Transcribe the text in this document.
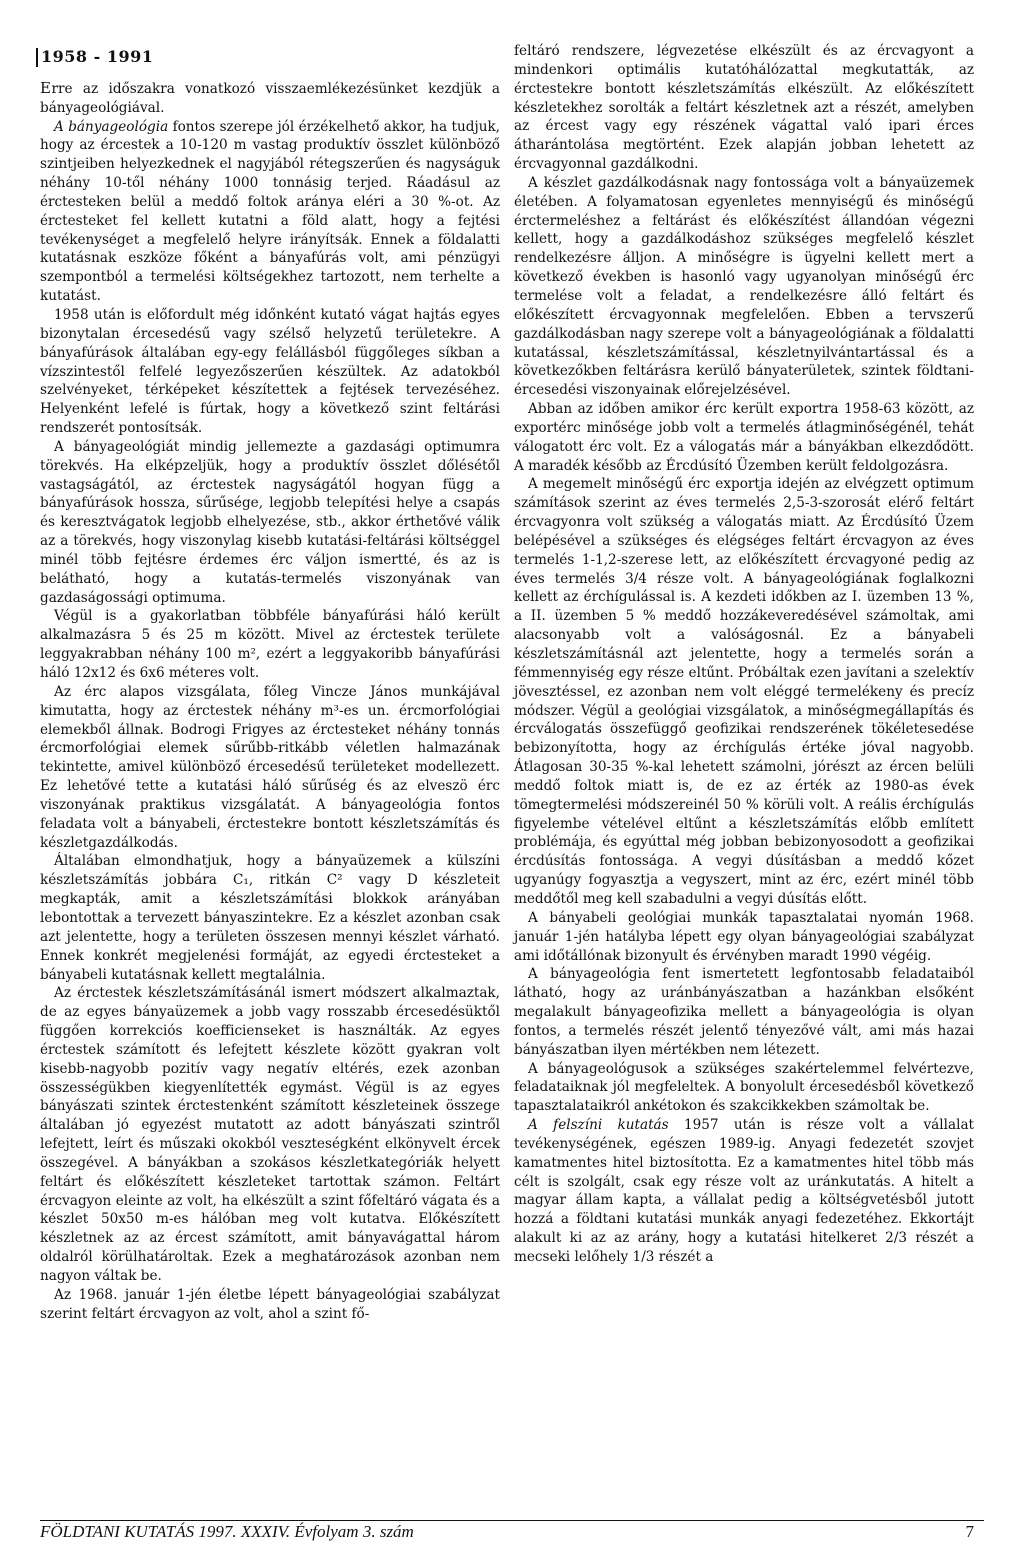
1958 - 1991

Erre az időszakra vonatkozó visszaemlékezésünket kezdjük a bányageológiával.

A bányageológia fontos szerepe jól érzékelhető akkor, ha tudjuk, hogy az ércestek a 10-120 m vastag produktív összlet különböző szintjeiben helyezkednek el nagyjából rétegszerűen és nagyságuk néhány 10-től néhány 1000 tonnásig terjed. Ráadásul az érctesteken belül a meddő foltok aránya eléri a 30 %-ot. Az érctesteket fel kellett kutatni a föld alatt, hogy a fejtési tevékenységet a megfelelő helyre irányítsák. Ennek a földalatti kutatásnak eszköze főként a bányafúrás volt, ami pénzügyi szempontból a termelési költségekhez tartozott, nem terhelte a kutatást.

1958 után is előfordult még időnként kutató vágat hajtás egyes bizonytalan ércesedésű vagy szélső helyzetű területekre. A bányafúrások általában egy-egy felállásból függőleges síkban a vízszintestől felfelé legyezőszerűen készültek. Az adatokból szelvényeket, térképeket készítettek a fejtések tervezéséhez. Helyenként lefelé is fúrtak, hogy a következő szint feltárási rendszerét pontosítsák.

A bányageológiát mindig jellemezte a gazdasági optimumra törekvés. Ha elképzeljük, hogy a produktív összlet dőlésétől vastagságától, az érctestek nagyságától hogyan függ a bányafúrások hossza, sűrűsége, legjobb telepítési helye a csapás és keresztvágatok legjobb elhelyezése, stb., akkor érthetővé válik az a törekvés, hogy viszonylag kisebb kutatási-feltárási költséggel minél több fejtésre érdemes érc váljon ismertté, és az is belátható, hogy a kutatás-termelés viszonyának van gazdaságossági optimuma.

Végül is a gyakorlatban többféle bányafúrási háló került alkalmazásra 5 és 25 m között. Mivel az érctestek területe leggyakrabban néhány 100 m², ezért a leggyakoribb bányafúrási háló 12x12 és 6x6 méteres volt.

Az érc alapos vizsgálata, főleg Vincze János munkájával kimutatta, hogy az érctestek néhány m³-es un. ércmorfológiai elemekből állnak. Bodrogi Frigyes az érctesteket néhány tonnás ércmorfológiai elemek sűrűbb-ritkább véletlen halmazának tekintette, amivel különböző ércesedésű területeket modellezett. Ez lehetővé tette a kutatási háló sűrűség és az elveszö érc viszonyának praktikus vizsgálatát. A bányageológia fontos feladata volt a bányabeli, érctestekre bontott készletszámítás és készletgazdálkodás.

Általában elmondhatjuk, hogy a bányaüzemek a külszíni készletszámítás jobbára C₁, ritkán C² vagy D készleteit megkapták, amit a készletszámítási blokkok arányában lebontottak a tervezett bányaszintekre. Ez a készlet azonban csak azt jelentette, hogy a területen összesen mennyi készlet várható. Ennek konkrét megjelenési formáját, az egyedi érctesteket a bányabeli kutatásnak kellett megtalálnia.

Az érctestek készletszámításánál ismert módszert alkalmaztak, de az egyes bányaüzemek a jobb vagy rosszabb ércesedésüktől függően korrekciós koefficienseket is használták. Az egyes érctestek számított és lefejtett készlete között gyakran volt kisebb-nagyobb pozitív vagy negatív eltérés, ezek azonban összességükben kiegyenlítették egymást. Végül is az egyes bányászati szintek érctestenként számított készleteinek összege általában jó egyezést mutatott az adott bányászati szintről lefejtett, leírt és műszaki okokból veszteségként elkönyvelt ércek összegével. A bányákban a szokásos készletkategóriák helyett feltárt és előkészített készleteket tartottak számon. Feltárt ércvagyon eleinte az volt, ha elkészült a szint főfeltáró vágata és a készlet 50x50 m-es hálóban meg volt kutatva. Előkészített készletnek az az ércest számított, amit bányavágattal három oldalról körülhatároltak. Ezek a meghatározások azonban nem nagyon váltak be.

Az 1968. január 1-jén életbe lépett bányageológiai szabályzat szerint feltárt ércvagyon az volt, ahol a szint fő-

feltáró rendszere, légvezetése elkészült és az ércvagyont a mindenkori optimális kutatóhálózattal megkutatták, az érctestekre bontott készletszámítás elkészült. Az előkészített készletekhez sorolták a feltárt készletnek azt a részét, amelyben az ércest vagy egy részének vágattal való ipari érces átharántolása megtörtént. Ezek alapján jobban lehetett az ércvagyonnal gazdálkodni.

A készlet gazdálkodásnak nagy fontossága volt a bányaüzemek életében. A folyamatosan egyenletes mennyiségű és minőségű érctermeléshez a feltárást és előkészítést állandóan végezni kellett, hogy a gazdálkodáshoz szükséges megfelelő készlet rendelkezésre álljon. A minőségre is ügyelni kellett mert a következő években is hasonló vagy ugyanolyan minőségű érc termelése volt a feladat, a rendelkezésre álló feltárt és előkészített ércvagyonnak megfelelően. Ebben a tervszerű gazdálkodásban nagy szerepe volt a bányageológiának a földalatti kutatással, készletszámítással, készletnyilvántartással és a következőkben feltárásra kerülő bányaterületek, szintek földtani-ércesedési viszonyainak előrejelzésével.

Abban az időben amikor érc került exportra 1958-63 között, az exportérc minősége jobb volt a termelés átlagminőségénél, tehát válogatott érc volt. Ez a válogatás már a bányákban elkezdődött. A maradék később az Ércdúsító Üzemben került feldolgozásra.

A megemelt minőségű érc exportja idején az elvégzett optimum számítások szerint az éves termelés 2,5-3-szorosát elérő feltárt ércvagyonra volt szükség a válogatás miatt. Az Ércdúsító Üzem belépésével a szükséges és elégséges feltárt ércvagyon az éves termelés 1-1,2-szerese lett, az előkészített ércvagyoné pedig az éves termelés 3/4 része volt. A bányageológiának foglalkozni kellett az érchígulással is. A kezdeti időkben az I. üzemben 13 %, a II. üzemben 5 % meddő hozzákeveredésével számoltak, ami alacsonyabb volt a valóságosnál. Ez a bányabeli készletszámításnál azt jelentette, hogy a termelés során a fémmennyiség egy része eltűnt. Próbáltak ezen javítani a szelektív jövesztéssel, ez azonban nem volt eléggé termelékeny és precíz módszer. Végül a geológiai vizsgálatok, a minőségmegállapítás és ércválogatás összefüggő geofizikai rendszerének tökéletesedése bebizonyította, hogy az érchígulás értéke jóval nagyobb. Átlagosan 30-35 %-kal lehetett számolni, jórészt az ércen belüli meddő foltok miatt is, de ez az érték az 1980-as évek tömegtermelési módszereinél 50 % körüli volt. A reális érchígulás figyelembe vételével eltűnt a készletszámítás előbb említett problémája, és egyúttal még jobban bebizonyosodott a geofizikai ércdúsítás fontossága. A vegyi dúsításban a meddő kőzet ugyanúgy fogyasztja a vegyszert, mint az érc, ezért minél több meddőtől meg kell szabadulni a vegyi dúsítás előtt.

A bányabeli geológiai munkák tapasztalatai nyomán 1968. január 1-jén hatályba lépett egy olyan bányageológiai szabályzat ami időtállónak bizonyult és érvényben maradt 1990 végéig.

A bányageológia fent ismertetett legfontosabb feladataiból látható, hogy az uránbányászatban a hazánkban elsőként megalakult bányageofizika mellett a bányageológia is olyan fontos, a termelés részét jelentő tényezővé vált, ami más hazai bányászatban ilyen mértékben nem létezett.

A bányageológusok a szükséges szakértelemmel felvértezve, feladataiknak jól megfeleltek. A bonyolult ércesedésből következő tapasztalataikról ankétokon és szakcikkekben számoltak be.

A felszíni kutatás 1957 után is része volt a vállalat tevékenységének, egészen 1989-ig. Anyagi fedezetét szovjet kamatmentes hitel biztosította. Ez a kamatmentes hitel több más célt is szolgált, csak egy része volt az uránkutatás. A hitelt a magyar állam kapta, a vállalat pedig a költségvetésből jutott hozzá a földtani kutatási munkák anyagi fedezetéhez. Ekkortájt alakult ki az az arány, hogy a kutatási hitelkeret 2/3 részét a mecseki lelőhely 1/3 részét a

FÖLDTANI KUTATÁS 1997. XXXIV. Évfolyam 3. szám	7
